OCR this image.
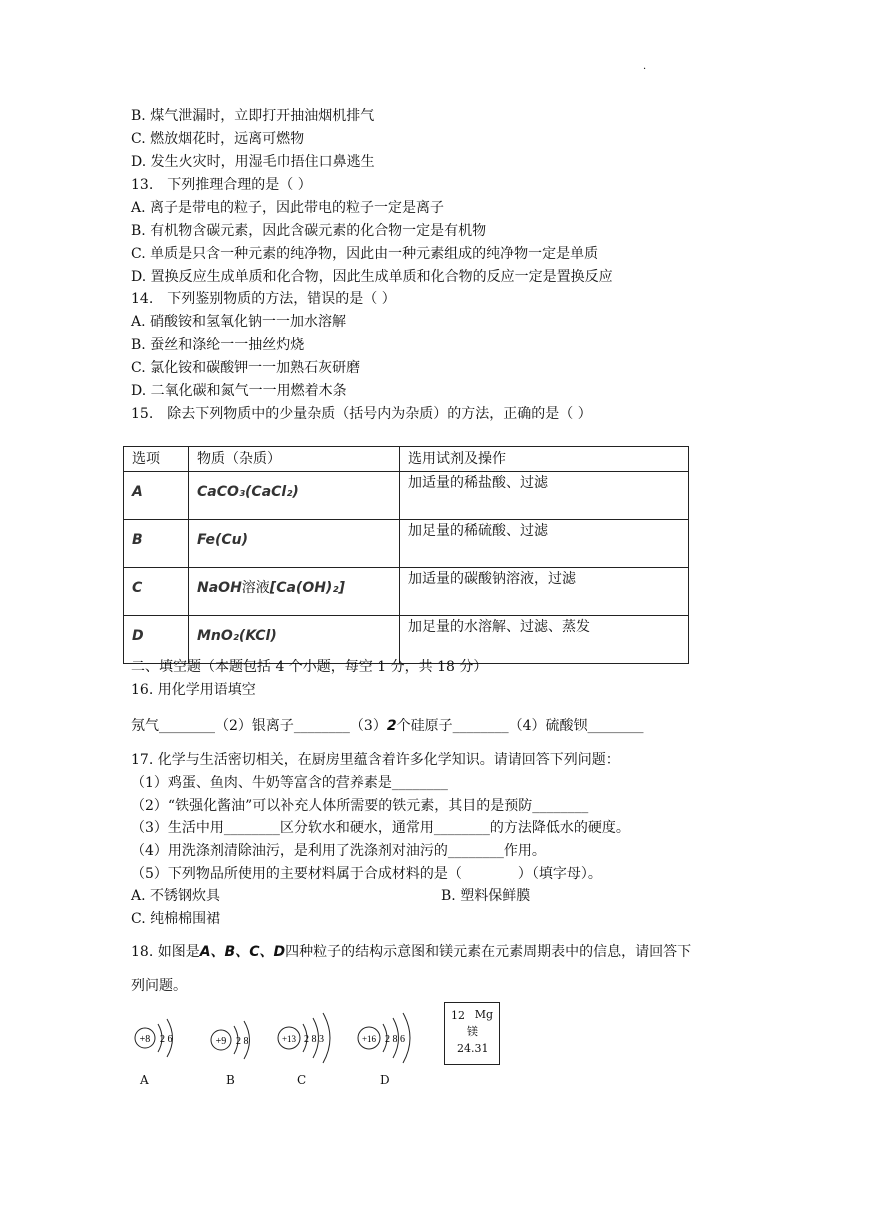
·
B. 煤气泄漏时，立即打开抽油烟机排气
C. 燃放烟花时，远离可燃物
D. 发生火灾时，用湿毛巾捂住口鼻逃生
13.　下列推理合理的是（ ）
A. 离子是带电的粒子，因此带电的粒子一定是离子
B. 有机物含碳元素，因此含碳元素的化合物一定是有机物
C. 单质是只含一种元素的纯净物，因此由一种元素组成的纯净物一定是单质
D. 置换反应生成单质和化合物，因此生成单质和化合物的反应一定是置换反应
14.　下列鉴别物质的方法，错误的是（ ）
A. 硝酸铵和氢氧化钠一一加水溶解
B. 蚕丝和涤纶一一抽丝灼烧
C. 氯化铵和碳酸钾一一加熟石灰研磨
D. 二氧化碳和氮气一一用燃着木条
15.　除去下列物质中的少量杂质（括号内为杂质）的方法，正确的是（ ）
选项	物质（杂质）	选用试剂及操作
A	CaCO₃(CaCl₂)	加适量的稀盐酸、过滤
B	Fe(Cu)	加足量的稀硫酸、过滤
C	NaOH溶液[Ca(OH)₂]	加适量的碳酸钠溶液，过滤
D	MnO₂(KCl)	加足量的水溶解、过滤、蒸发
二、填空题（本题包括 4 个小题，每空 1 分，共 18 分）
16. 用化学用语填空
氖气________（2）银离子________（3）2个硅原子________（4）硫酸钡________
17. 化学与生活密切相关，在厨房里蕴含着许多化学知识。请请回答下列问题：
（1）鸡蛋、鱼肉、牛奶等富含的营养素是________
（2）“铁强化酱油”可以补充人体所需要的铁元素，其目的是预防________
（3）生活中用________区分软水和硬水，通常用________的方法降低水的硬度。
（4）用洗涤剂清除油污，是利用了洗涤剂对油污的________作用。
（5）下列物品所使用的主要材料属于合成材料的是（　　　　）（填字母）。
A. 不锈钢炊具	B. 塑料保鲜膜
C. 纯棉棉围裙
18. 如图是A、B、C、D四种粒子的结构示意图和镁元素在元素周期表中的信息，请回答下
列问题。
+8 2 6
A
+9 2 8
B
+13 2 8 3
C
+16 2 8 6
D
12 Mg
镁
24.31
